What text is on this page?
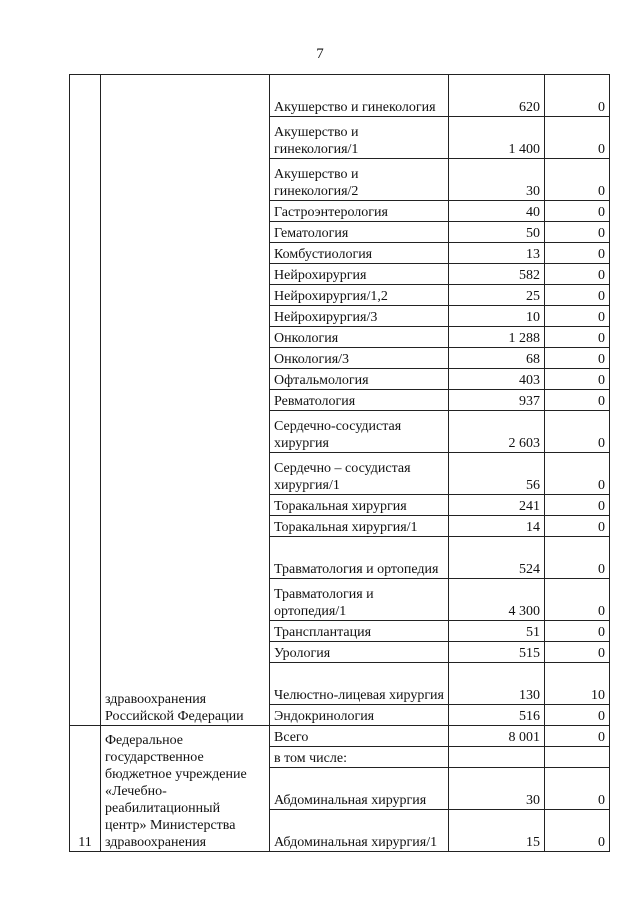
7
	здравоохранения Российской Федерации	Акушерство и гинекология	620	0
		Акушерство и гинекология/1	1 400	0
		Акушерство и гинекология/2	30	0
		Гастроэнтерология	40	0
		Гематология	50	0
		Комбустиология	13	0
		Нейрохирургия	582	0
		Нейрохирургия/1,2	25	0
		Нейрохирургия/3	10	0
		Онкология	1 288	0
		Онкология/3	68	0
		Офтальмология	403	0
		Ревматология	937	0
		Сердечно-сосудистая хирургия	2 603	0
		Сердечно – сосудистая хирургия/1	56	0
		Торакальная хирургия	241	0
		Торакальная хирургия/1	14	0
		Травматология и ортопедия	524	0
		Травматология и ортопедия/1	4 300	0
		Трансплантация	51	0
		Урология	515	0
		Челюстно-лицевая хирургия	130	10
		Эндокринология	516	0
11	Федеральное государственное бюджетное учреждение «Лечебно-реабилитационный центр» Министерства здравоохранения	Всего	8 001	0
		в том числе:		
		Абдоминальная хирургия	30	0
		Абдоминальная хирургия/1	15	0
